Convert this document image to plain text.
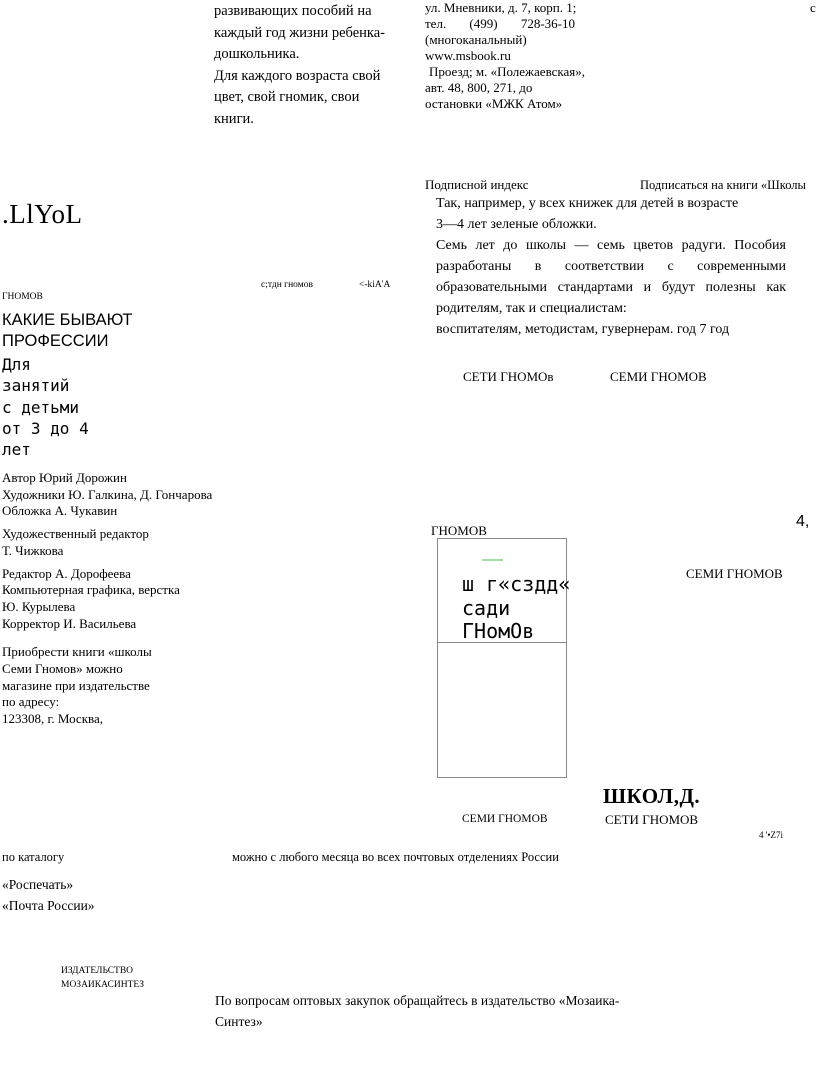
развивающих пособий на
каждый год жизни ребенка-
дошкольника.
Для каждого возраста свой
цвет, свой гномик, свои
книги.
ул. Мневники, д. 7, корп. 1;
тел. (499) 728-36-10
(многоканальный)
www.msbook.ru
Проезд; м. «Полежаевская»,
авт. 48, 800, 271, до
остановки «МЖК Атом»
с
Подписной индекс	Подписаться на книги «Школы
Так, например, у всех книжек для детей в возрасте
3—4 лет зеленые обложки.
Семь лет до школы — семь цветов радуги. Пособия
разработаны в соответствии с современными
образовательными стандартами и будут полезны как
родителям, так и специалистам:
воспитателям, методистам, гувернерам. год 7 год
.LlYoL
с;тдн гномов	<-kiA'A
ГНОМОВ
КАКИЕ БЫВАЮТ
ПРОФЕССИИ
Для
занятий
с детьми
от 3 до 4
лет
СЕТИ ГНОМОв	СЕМИ ГНОМОВ
Автор Юрий Дорожин
Художники Ю. Галкина, Д. Гончарова
Обложка А. Чукавин
Художественный редактор
Т. Чижкова
Редактор А. Дорофеева
Компьютерная графика, верстка
Ю. Курылева
Корректор И. Васильева
Приобрести книги «школы
Семи Гномов» можно
магазине при издательстве
по адресу:
123308, г. Москва,
ГНОМОВ
4,
СЕМИ ГНОМОВ
ш г«сздд«
сади
ГНомОв
ШКОЛ,Д.
СЕМИ ГНОМОВ	СЕТИ ГНОМОВ
4 '•Z7i
по каталогу	можно с любого месяца во всех почтовых отделениях России
«Роспечать»
«Почта России»
ИЗДАТЕЛЬСТВО
МОЗАИКАСИНТЕЗ
По вопросам оптовых закупок обращайтесь в издательство «Мозаика-
Синтез»
